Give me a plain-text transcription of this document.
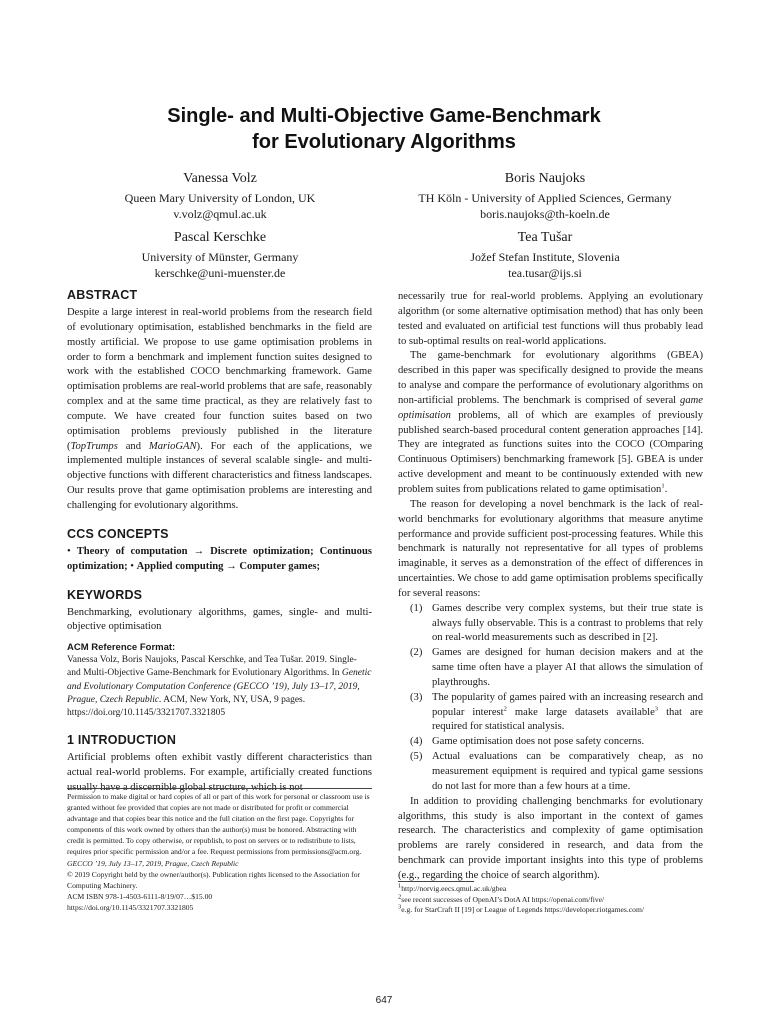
Single- and Multi-Objective Game-Benchmark
for Evolutionary Algorithms
Vanessa Volz
Queen Mary University of London, UK
v.volz@qmul.ac.uk
Boris Naujoks
TH Köln - University of Applied Sciences, Germany
boris.naujoks@th-koeln.de
Pascal Kerschke
University of Münster, Germany
kerschke@uni-muenster.de
Tea Tušar
Jožef Stefan Institute, Slovenia
tea.tusar@ijs.si
ABSTRACT

Despite a large interest in real-world problems from the research field of evolutionary optimisation, established benchmarks in the field are mostly artificial. We propose to use game optimisation problems in order to form a benchmark and implement function suites designed to work with the established COCO benchmarking framework. Game optimisation problems are real-world problems that are safe, reasonably complex and at the same time practical, as they are relatively fast to compute. We have created four function suites based on two optimisation problems previously published in the literature (TopTrumps and MarioGAN). For each of the applications, we implemented multiple instances of several scalable single- and multi-objective functions with different characteristics and fitness landscapes. Our results prove that game optimisation problems are interesting and challenging for evolutionary algorithms.

CCS CONCEPTS

• Theory of computation → Discrete optimization; Continuous optimization; • Applied computing → Computer games;

KEYWORDS

Benchmarking, evolutionary algorithms, games, single- and multi-objective optimisation

ACM Reference Format:

Vanessa Volz, Boris Naujoks, Pascal Kerschke, and Tea Tušar. 2019. Single- and Multi-Objective Game-Benchmark for Evolutionary Algorithms. In Genetic and Evolutionary Computation Conference (GECCO ’19), July 13–17, 2019, Prague, Czech Republic. ACM, New York, NY, USA, 9 pages. https://doi.org/10.1145/3321707.3321805

1 INTRODUCTION

Artificial problems often exhibit vastly different characteristics than actual real-world problems. For example, artificially created functions usually have a discernible global structure, which is not

Permission to make digital or hard copies of all or part of this work for personal or classroom use is granted without fee provided that copies are not made or distributed for profit or commercial advantage and that copies bear this notice and the full citation on the first page. Copyrights for components of this work owned by others than the author(s) must be honored. Abstracting with credit is permitted. To copy otherwise, or republish, to post on servers or to redistribute to lists, requires prior specific permission and/or a fee. Request permissions from permissions@acm.org.

GECCO ’19, July 13–17, 2019, Prague, Czech Republic

© 2019 Copyright held by the owner/author(s). Publication rights licensed to the Association for Computing Machinery.

ACM ISBN 978-1-4503-6111-8/19/07…$15.00

https://doi.org/10.1145/3321707.3321805

necessarily true for real-world problems. Applying an evolutionary algorithm (or some alternative optimisation method) that has only been tested and evaluated on artificial test functions will thus probably lead to sub-optimal results on real-world applications.

The game-benchmark for evolutionary algorithms (GBEA) described in this paper was specifically designed to provide the means to analyse and compare the performance of evolutionary algorithms on non-artificial problems. The benchmark is comprised of several game optimisation problems, all of which are examples of previously published search-based procedural content generation approaches [14]. They are integrated as functions suites into the COCO (COmparing Continuous Optimisers) benchmarking framework [5]. GBEA is under active development and meant to be continuously extended with new problem suites from publications related to game optimisation$^1$.

The reason for developing a novel benchmark is the lack of real-world benchmarks for evolutionary algorithms that measure anytime performance and provide sufficient post-processing features. While this benchmark is naturally not representative for all types of problems imaginable, it serves as a demonstration of the effect of differences in uncertainties. We chose to add game optimisation problems specifically for several reasons:

(1) Games describe very complex systems, but their true state is always fully observable. This is a contrast to problems that rely on real-world measurements such as described in [2].
(2) Games are designed for human decision makers and at the same time often have a player AI that allows the simulation of playthroughs.
(3) The popularity of games paired with an increasing research and popular interest$^2$ make large datasets available$^3$ that are required for statistical analysis.
(4) Game optimisation does not pose safety concerns.
(5) Actual evaluations can be comparatively cheap, as no measurement equipment is required and typical game sessions do not last for more than a few hours at a time.

In addition to providing challenging benchmarks for evolutionary algorithms, this study is also important in the context of games research. The characteristics and complexity of game optimisation problems are rarely considered in research, and data from the benchmark can provide important insights into this type of problems (e.g., regarding the choice of search algorithm).

$^1$http://norvig.eecs.qmul.ac.uk/gbea
$^2$see recent successes of OpenAI’s DotA AI https://openai.com/five/
$^3$e.g. for StarCraft II [19] or League of Legends https://developer.riotgames.com/
647
